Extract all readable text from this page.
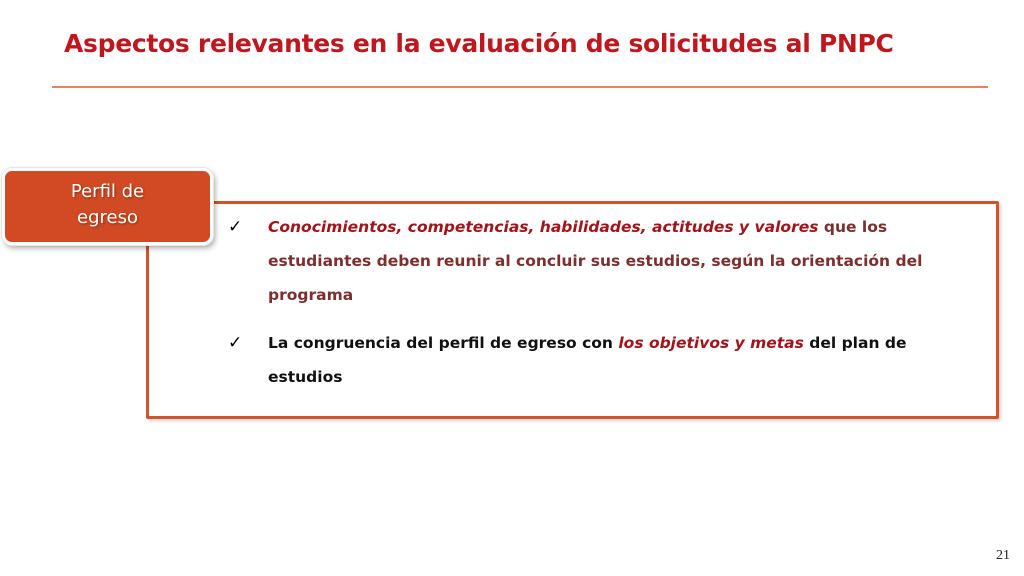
Aspectos relevantes en la evaluación de solicitudes al PNPC
Perfil de
egreso	✓	Conocimientos, competencias, habilidades, actitudes y valores que los estudiantes deben reunir al concluir sus estudios, según la orientación del programa
✓	La congruencia del perfil de egreso con los objetivos y metas del plan de estudios
21
